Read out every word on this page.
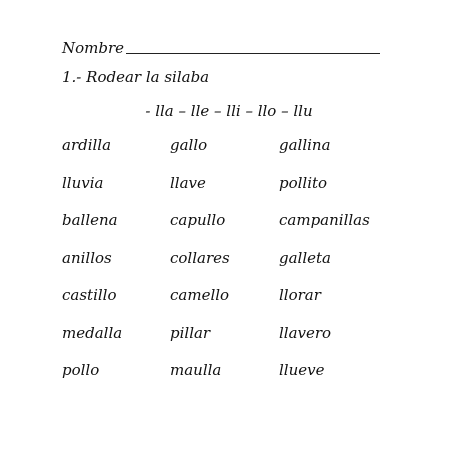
Nombre
1.- Rodear la silaba
- lla – lle – lli – llo – llu
ardilla	gallo	gallina
lluvia	llave	pollito
ballena	capullo	campanillas
anillos	collares	galleta
castillo	camello	llorar
medalla	pillar	llavero
pollo	maulla	llueve
